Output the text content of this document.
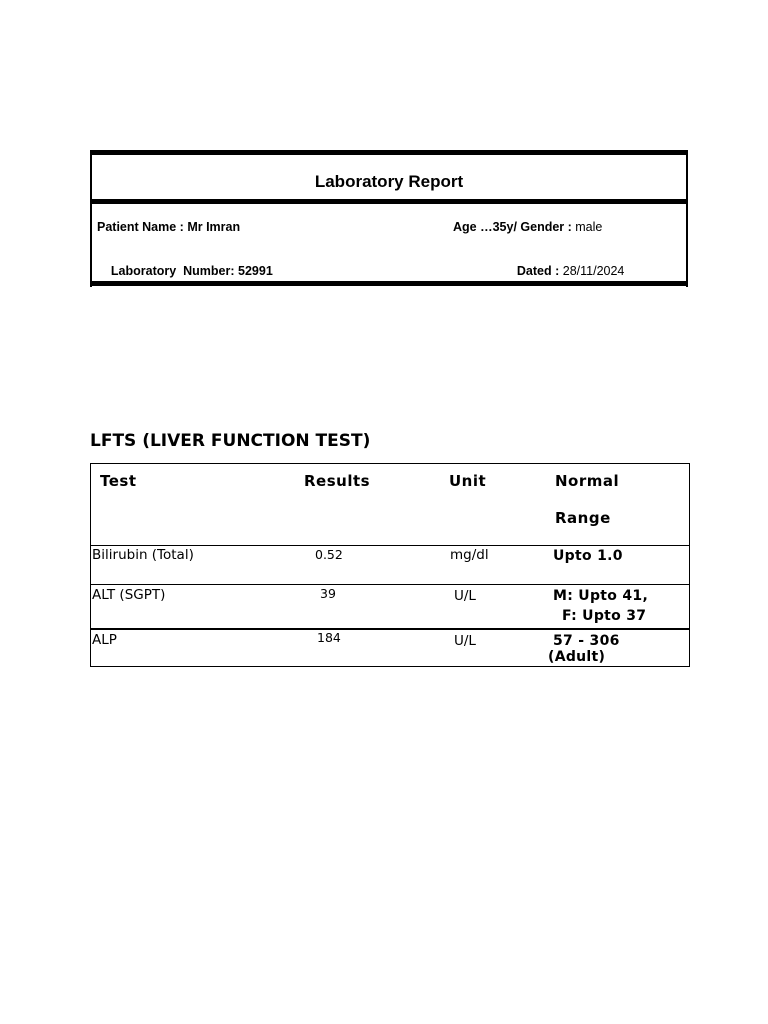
Laboratory Report
Patient Name : Mr Imran	Age …35y/ Gender : male

Laboratory  Number: 52991
	Dated : 28/11/2024

LFTS (LIVER FUNCTION TEST)
Test	Results	Unit	Normal
Range
Bilirubin (Total)	0.52	mg/dl	Upto 1.0
ALT (SGPT)	39	U/L	M: Upto 41,
F: Upto 37
ALP	184	U/L	57 - 306
(Adult)
